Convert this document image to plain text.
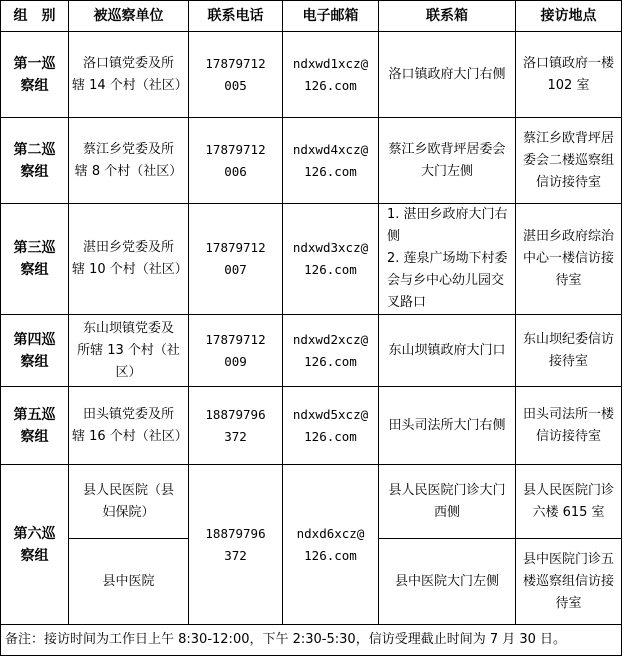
组　别	被巡察单位	联系电话	电子邮箱	联系箱	接访地点

第一巡
察组	洛口镇党委及所
辖 14 个村（社区）	17879712
005	ndxwd1xcz@
126.com	洛口镇政府大门右侧	洛口镇政府一楼
102 室

第二巡
察组	蔡江乡党委及所
辖 8 个村（社区）	17879712
006	ndxwd4xcz@
126.com	蔡江乡欧背坪居委会
大门左侧	蔡江乡欧背坪居
委会二楼巡察组
信访接待室

第三巡
察组	湛田乡党委及所
辖 10 个村（社区）	17879712
007	ndxwd3xcz@
126.com	1. 湛田乡政府大门右
侧
2. 莲泉广场坳下村委
会与乡中心幼儿园交
叉路口	湛田乡政府综治
中心一楼信访接
待室

第四巡
察组	东山坝镇党委及
所辖 13 个村（社
区）	17879712
009	ndxwd2xcz@
126.com	东山坝镇政府大门口	东山坝纪委信访
接待室

第五巡
察组	田头镇党委及所
辖 16 个村（社区）	18879796
372	ndxwd5xcz@
126.com	田头司法所大门右侧	田头司法所一楼
信访接待室

第六巡
察组	县人民医院（县
妇保院）	18879796
372	ndxd6xcz@
126.com	县人民医院门诊大门
西侧	县人民医院门诊
六楼 615 室

	县中医院			县中医院大门左侧	县中医院门诊五
楼巡察组信访接
待室

备注：接访时间为工作日上午 8:30-12:00，下午 2:30-5:30，信访受理截止时间为 7 月 30 日。					
